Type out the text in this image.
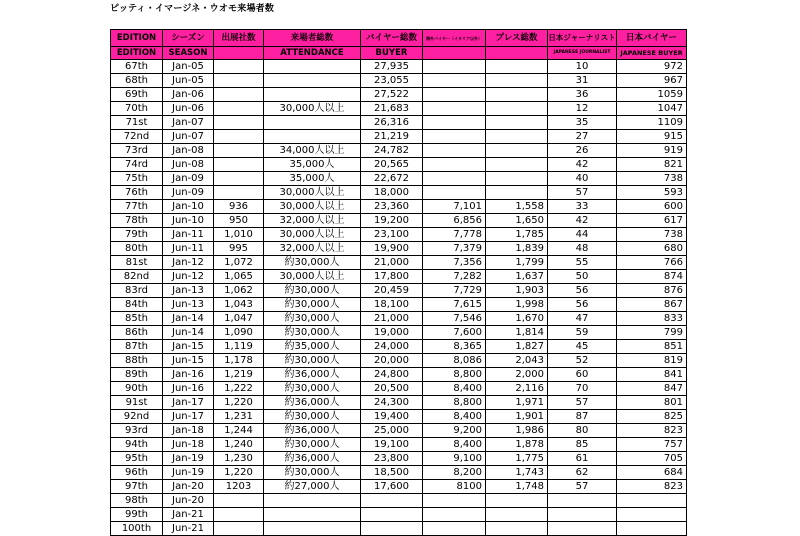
ピッティ・イマージネ・ウオモ来場者数
EDITION	シーズン	出展社数	来場者総数	バイヤー総数	海外バイヤー（イタリア以外）	プレス総数	日本ジャーナリスト	日本バイヤー
EDITION	SEASON		ATTENDANCE	BUYER			JAPANESE JOURNALIST	JAPANESE BUYER
67th	Jan-05			27,935			10	972
68th	Jun-05			23,055			31	967
69th	Jan-06			27,522			36	1059
70th	Jun-06		30,000人以上	21,683			12	1047
71st	Jan-07			26,316			35	1109
72nd	Jun-07			21,219			27	915
73rd	Jan-08		34,000人以上	24,782			26	919
74rd	Jun-08		35,000人	20,565			42	821
75th	Jan-09		35,000人	22,672			40	738
76th	Jun-09		30,000人以上	18,000			57	593
77th	Jan-10	936	30,000人以上	23,360	7,101	1,558	33	600
78th	Jun-10	950	32,000人以上	19,200	6,856	1,650	42	617
79th	Jan-11	1,010	30,000人以上	23,100	7,778	1,785	44	738
80th	Jun-11	995	32,000人以上	19,900	7,379	1,839	48	680
81st	Jan-12	1,072	約30,000人	21,000	7,356	1,799	55	766
82nd	Jun-12	1,065	30,000人以上	17,800	7,282	1,637	50	874
83rd	Jan-13	1,062	約30,000人	20,459	7,729	1,903	56	876
84th	Jun-13	1,043	約30,000人	18,100	7,615	1,998	56	867
85th	Jan-14	1,047	約30,000人	21,000	7,546	1,670	47	833
86th	Jun-14	1,090	約30,000人	19,000	7,600	1,814	59	799
87th	Jan-15	1,119	約35,000人	24,000	8,365	1,827	45	851
88th	Jun-15	1,178	約30,000人	20,000	8,086	2,043	52	819
89th	Jan-16	1,219	約36,000人	24,800	8,800	2,000	60	841
90th	Jun-16	1,222	約30,000人	20,500	8,400	2,116	70	847
91st	Jan-17	1,220	約36,000人	24,300	8,800	1,971	57	801
92nd	Jun-17	1,231	約30,000人	19,400	8,400	1,901	87	825
93rd	Jan-18	1,244	約36,000人	25,000	9,200	1,986	80	823
94th	Jun-18	1,240	約30,000人	19,100	8,400	1,878	85	757
95th	Jan-19	1,230	約36,000人	23,800	9,100	1,775	61	705
96th	Jun-19	1,220	約30,000人	18,500	8,200	1,743	62	684
97th	Jan-20	1203	約27,000人	17,600	8100	1,748	57	823
98th	Jun-20							
99th	Jan-21							
100th	Jun-21							
